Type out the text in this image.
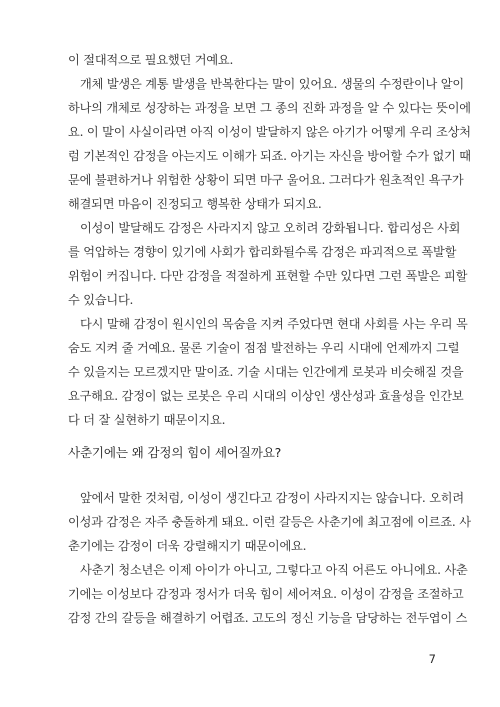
이 절대적으로 필요했던 거예요.

개체 발생은 계통 발생을 반복한다는 말이 있어요. 생물의 수정란이나 알이

하나의 개체로 성장하는 과정을 보면 그 종의 진화 과정을 알 수 있다는 뜻이에

요. 이 말이 사실이라면 아직 이성이 발달하지 않은 아기가 어떻게 우리 조상처

럼 기본적인 감정을 아는지도 이해가 되죠. 아기는 자신을 방어할 수가 없기 때

문에 불편하거나 위험한 상황이 되면 마구 울어요. 그러다가 원초적인 욕구가

해결되면 마음이 진정되고 행복한 상태가 되지요.

이성이 발달해도 감정은 사라지지 않고 오히려 강화됩니다. 합리성은 사회

를 억압하는 경향이 있기에 사회가 합리화될수록 감정은 파괴적으로 폭발할

위험이 커집니다. 다만 감정을 적절하게 표현할 수만 있다면 그런 폭발은 피할

수 있습니다.

다시 말해 감정이 원시인의 목숨을 지켜 주었다면 현대 사회를 사는 우리 목

숨도 지켜 줄 거예요. 물론 기술이 점점 발전하는 우리 시대에 언제까지 그럴

수 있을지는 모르겠지만 말이죠. 기술 시대는 인간에게 로봇과 비슷해질 것을

요구해요. 감정이 없는 로봇은 우리 시대의 이상인 생산성과 효율성을 인간보

사춘기에는 왜 감정의 힘이 세어질까요?

앞에서 말한 것처럼, 이성이 생긴다고 감정이 사라지지는 않습니다. 오히려

이성과 감정은 자주 충돌하게 돼요. 이런 갈등은 사춘기에 최고점에 이르죠. 사

춘기에는 감정이 더욱 강렬해지기 때문이에요.

사춘기 청소년은 이제 아이가 아니고, 그렇다고 아직 어른도 아니에요. 사춘

기에는 이성보다 감정과 정서가 더욱 힘이 세어져요. 이성이 감정을 조절하고

감정 간의 갈등을 해결하기 어렵죠. 고도의 정신 기능을 담당하는 전두엽이 스

7

다 더 잘 실현하기 때문이지요.
